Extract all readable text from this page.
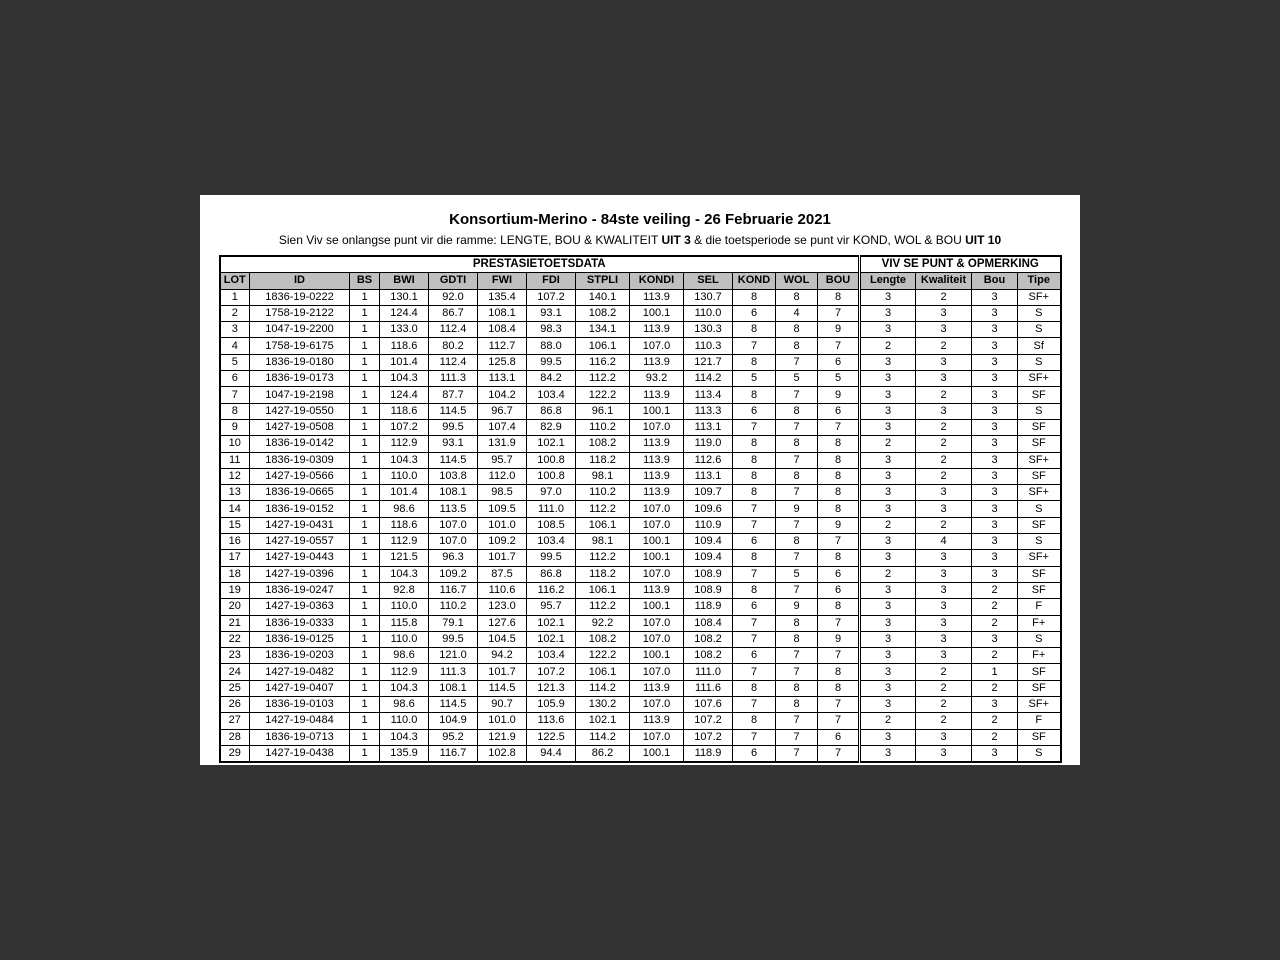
Konsortium-Merino - 84ste veiling - 26 Februarie 2021
Sien Viv se onlangse punt vir die ramme: LENGTE, BOU & KWALITEIT UIT 3 & die toetsperiode se punt vir KOND, WOL & BOU UIT 10
PRESTASIETOETSDATA													VIV SE PUNT & OPMERKING			
LOT	ID	BS	BWI	GDTI	FWI	FDI	STPLI	KONDI	SEL	KOND	WOL	BOU	Lengte	Kwaliteit	Bou	Tipe
1	1836-19-0222	1	130.1	92.0	135.4	107.2	140.1	113.9	130.7	8	8	8	3	2	3	SF+
2	1758-19-2122	1	124.4	86.7	108.1	93.1	108.2	100.1	110.0	6	4	7	3	3	3	S
3	1047-19-2200	1	133.0	112.4	108.4	98.3	134.1	113.9	130.3	8	8	9	3	3	3	S
4	1758-19-6175	1	118.6	80.2	112.7	88.0	106.1	107.0	110.3	7	8	7	2	2	3	Sf
5	1836-19-0180	1	101.4	112.4	125.8	99.5	116.2	113.9	121.7	8	7	6	3	3	3	S
6	1836-19-0173	1	104.3	111.3	113.1	84.2	112.2	93.2	114.2	5	5	5	3	3	3	SF+
7	1047-19-2198	1	124.4	87.7	104.2	103.4	122.2	113.9	113.4	8	7	9	3	2	3	SF
8	1427-19-0550	1	118.6	114.5	96.7	86.8	96.1	100.1	113.3	6	8	6	3	3	3	S
9	1427-19-0508	1	107.2	99.5	107.4	82.9	110.2	107.0	113.1	7	7	7	3	2	3	SF
10	1836-19-0142	1	112.9	93.1	131.9	102.1	108.2	113.9	119.0	8	8	8	2	2	3	SF
11	1836-19-0309	1	104.3	114.5	95.7	100.8	118.2	113.9	112.6	8	7	8	3	2	3	SF+
12	1427-19-0566	1	110.0	103.8	112.0	100.8	98.1	113.9	113.1	8	8	8	3	2	3	SF
13	1836-19-0665	1	101.4	108.1	98.5	97.0	110.2	113.9	109.7	8	7	8	3	3	3	SF+
14	1836-19-0152	1	98.6	113.5	109.5	111.0	112.2	107.0	109.6	7	9	8	3	3	3	S
15	1427-19-0431	1	118.6	107.0	101.0	108.5	106.1	107.0	110.9	7	7	9	2	2	3	SF
16	1427-19-0557	1	112.9	107.0	109.2	103.4	98.1	100.1	109.4	6	8	7	3	4	3	S
17	1427-19-0443	1	121.5	96.3	101.7	99.5	112.2	100.1	109.4	8	7	8	3	3	3	SF+
18	1427-19-0396	1	104.3	109.2	87.5	86.8	118.2	107.0	108.9	7	5	6	2	3	3	SF
19	1836-19-0247	1	92.8	116.7	110.6	116.2	106.1	113.9	108.9	8	7	6	3	3	2	SF
20	1427-19-0363	1	110.0	110.2	123.0	95.7	112.2	100.1	118.9	6	9	8	3	3	2	F
21	1836-19-0333	1	115.8	79.1	127.6	102.1	92.2	107.0	108.4	7	8	7	3	3	2	F+
22	1836-19-0125	1	110.0	99.5	104.5	102.1	108.2	107.0	108.2	7	8	9	3	3	3	S
23	1836-19-0203	1	98.6	121.0	94.2	103.4	122.2	100.1	108.2	6	7	7	3	3	2	F+
24	1427-19-0482	1	112.9	111.3	101.7	107.2	106.1	107.0	111.0	7	7	8	3	2	1	SF
25	1427-19-0407	1	104.3	108.1	114.5	121.3	114.2	113.9	111.6	8	8	8	3	2	2	SF
26	1836-19-0103	1	98.6	114.5	90.7	105.9	130.2	107.0	107.6	7	8	7	3	2	3	SF+
27	1427-19-0484	1	110.0	104.9	101.0	113.6	102.1	113.9	107.2	8	7	7	2	2	2	F
28	1836-19-0713	1	104.3	95.2	121.9	122.5	114.2	107.0	107.2	7	7	6	3	3	2	SF
29	1427-19-0438	1	135.9	116.7	102.8	94.4	86.2	100.1	118.9	6	7	7	3	3	3	S
